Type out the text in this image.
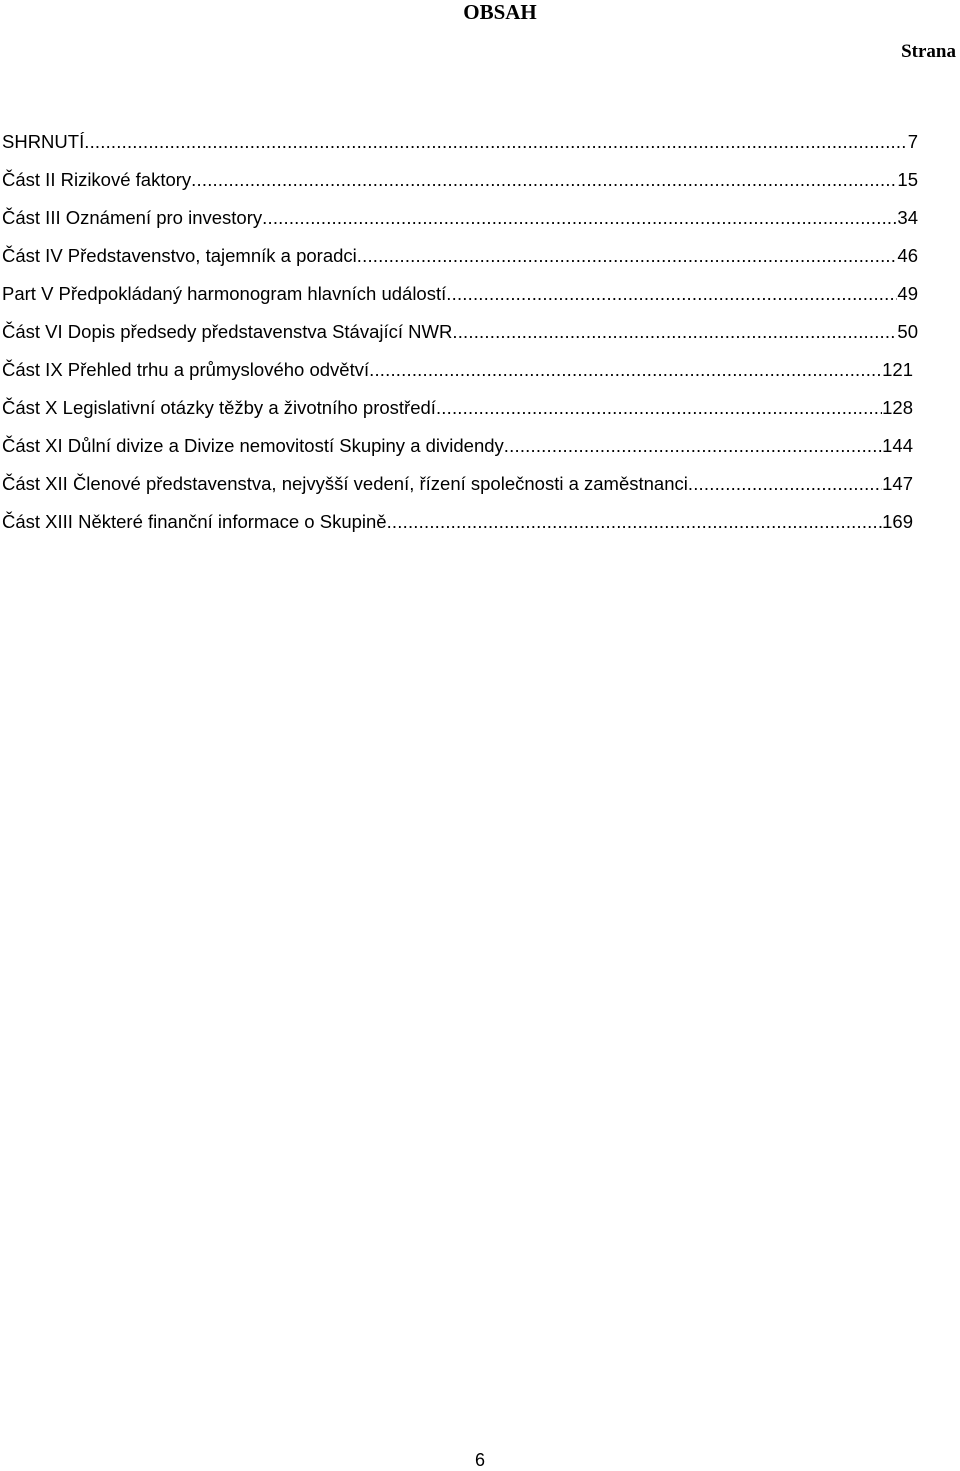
OBSAH
Strana
SHRNUTÍ .....	7
Část II Rizikové faktory .....	15
Část III Oznámení pro investory .....	34
Část IV Představenstvo, tajemník a poradci .....	46
Part V Předpokládaný harmonogram hlavních událostí .....	49
Část VI Dopis předsedy představenstva Stávající NWR .....	50
Část IX Přehled trhu a průmyslového odvětví .....	121
Část X Legislativní otázky těžby a životního prostředí .....	128
Část XI Důlní divize a Divize nemovitostí Skupiny a dividendy .....	144
Část XII Členové představenstva, nejvyšší vedení, řízení společnosti a zaměstnanci .....	147
Část XIII Některé finanční informace o Skupině .....	169
6
